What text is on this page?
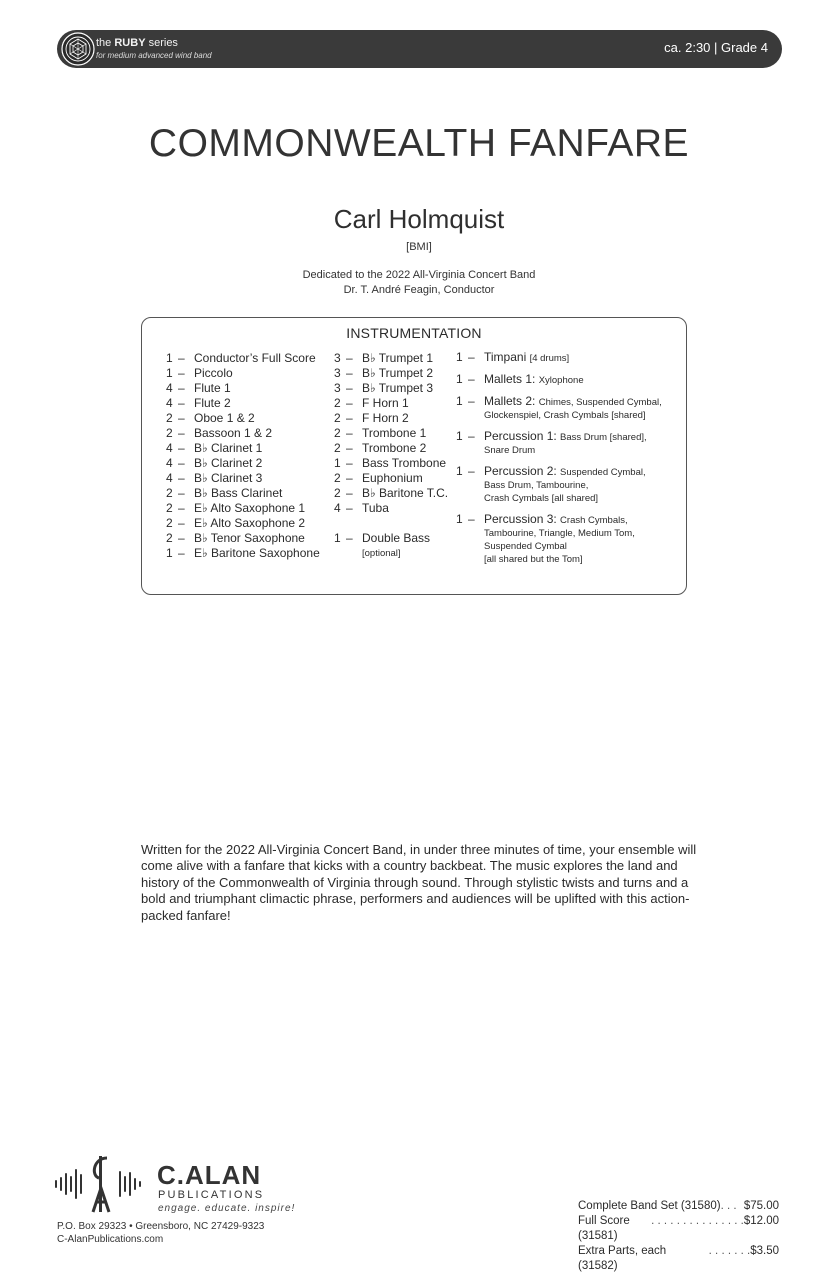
the RUBY series
for medium advanced wind band
ca. 2:30 | Grade 4
COMMONWEALTH FANFARE
Carl Holmquist
[BMI]
Dedicated to the 2022 All-Virginia Concert Band
Dr. T. André Feagin, Conductor
INSTRUMENTATION
1 – Conductor’s Full Score
1 – Piccolo
4 – Flute 1
4 – Flute 2
2 – Oboe 1 & 2
2 – Bassoon 1 & 2
4 – B♭ Clarinet 1
4 – B♭ Clarinet 2
4 – B♭ Clarinet 3
2 – B♭ Bass Clarinet
2 – E♭ Alto Saxophone 1
2 – E♭ Alto Saxophone 2
2 – B♭ Tenor Saxophone
1 – E♭ Baritone Saxophone
3 – B♭ Trumpet 1
3 – B♭ Trumpet 2
3 – B♭ Trumpet 3
2 – F Horn 1
2 – F Horn 2
2 – Trombone 1
2 – Trombone 2
1 – Bass Trombone
2 – Euphonium
2 – B♭ Baritone T.C.
4 – Tuba
1 – Double Bass
[optional]
1 – Timpani [4 drums]
1 – Mallets 1: Xylophone
1 – Mallets 2: Chimes, Suspended Cymbal,
Glockenspiel, Crash Cymbals [shared]
1 – Percussion 1: Bass Drum [shared],
Snare Drum
1 – Percussion 2: Suspended Cymbal,
Bass Drum, Tambourine,
Crash Cymbals [all shared]
1 – Percussion 3: Crash Cymbals,
Tambourine, Triangle, Medium Tom,
Suspended Cymbal
[all shared but the Tom]

Written for the 2022 All-Virginia Concert Band, in under three minutes of time, your ensemble will come alive with a fanfare that kicks with a country backbeat. The music explores the land and history of the Commonwealth of Virginia through sound. Through stylistic twists and turns and a bold and triumphant climactic phrase, performers and audiences will be uplifted with this action-packed fanfare!

C.ALAN
PUBLICATIONS
engage. educate. inspire!
P.O. Box 29323 • Greensboro, NC 27429-9323
C-AlanPublications.com
Complete Band Set (31580) . . . $75.00
Full Score (31581)
. . . . . . . . . . . . . . . $12.00
Extra Parts, each (31582)
. . . . . . . $3.50
